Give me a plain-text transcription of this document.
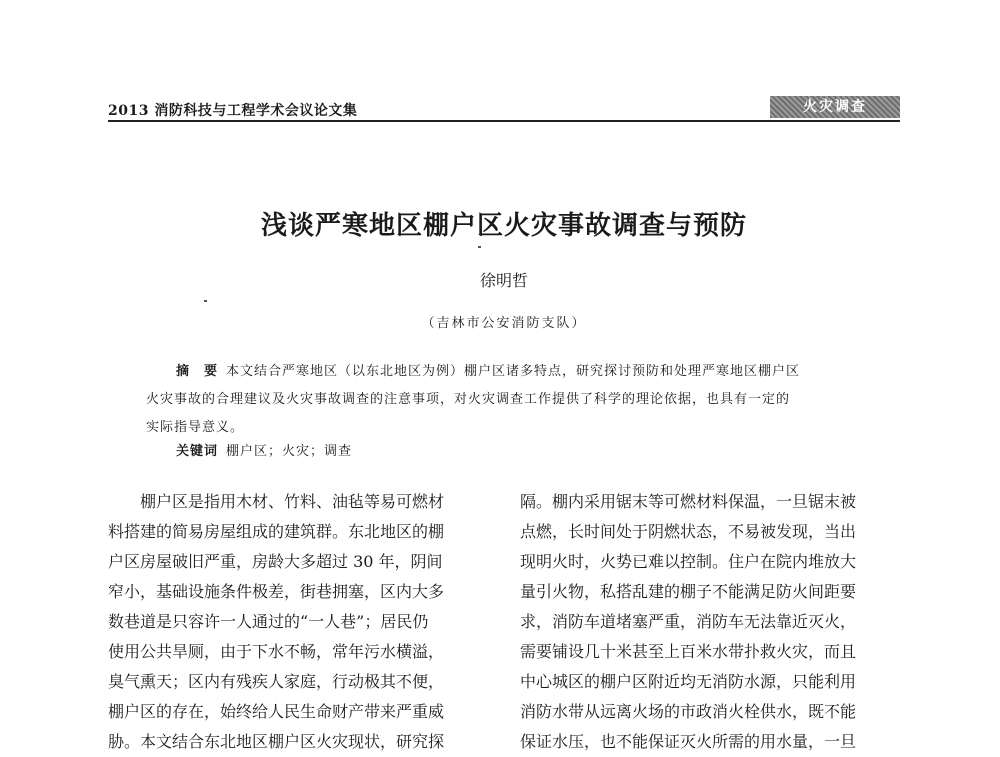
2013 消防科技与工程学术会议论文集	火灾调查
浅谈严寒地区棚户区火灾事故调查与预防
徐明哲
（吉林市公安消防支队）
摘　要 本文结合严寒地区（以东北地区为例）棚户区诸多特点，研究探讨预防和处理严寒地区棚户区
火灾事故的合理建议及火灾事故调查的注意事项，对火灾调查工作提供了科学的理论依据，也具有一定的
实际指导意义。
关键词 棚户区；火灾；调查
　　棚户区是指用木材、竹料、油毡等易可燃材
料搭建的简易房屋组成的建筑群。东北地区的棚
户区房屋破旧严重，房龄大多超过 30 年，阴间
窄小，基础设施条件极差，街巷拥塞，区内大多
数巷道是只容许一人通过的“一人巷”；居民仍
使用公共旱厕，由于下水不畅，常年污水横溢，
臭气熏天；区内有残疾人家庭，行动极其不便，
棚户区的存在，始终给人民生命财产带来严重威
胁。本文结合东北地区棚户区火灾现状，研究探
隔。棚内采用锯末等可燃材料保温，一旦锯末被
点燃，长时间处于阴燃状态，不易被发现，当出
现明火时，火势已难以控制。住户在院内堆放大
量引火物，私搭乱建的棚子不能满足防火间距要
求，消防车道堵塞严重，消防车无法靠近灭火，
需要铺设几十米甚至上百米水带扑救火灾，而且
中心城区的棚户区附近均无消防水源，只能利用
消防水带从远离火场的市政消火栓供水，既不能
保证水压，也不能保证灭火所需的用水量，一旦
